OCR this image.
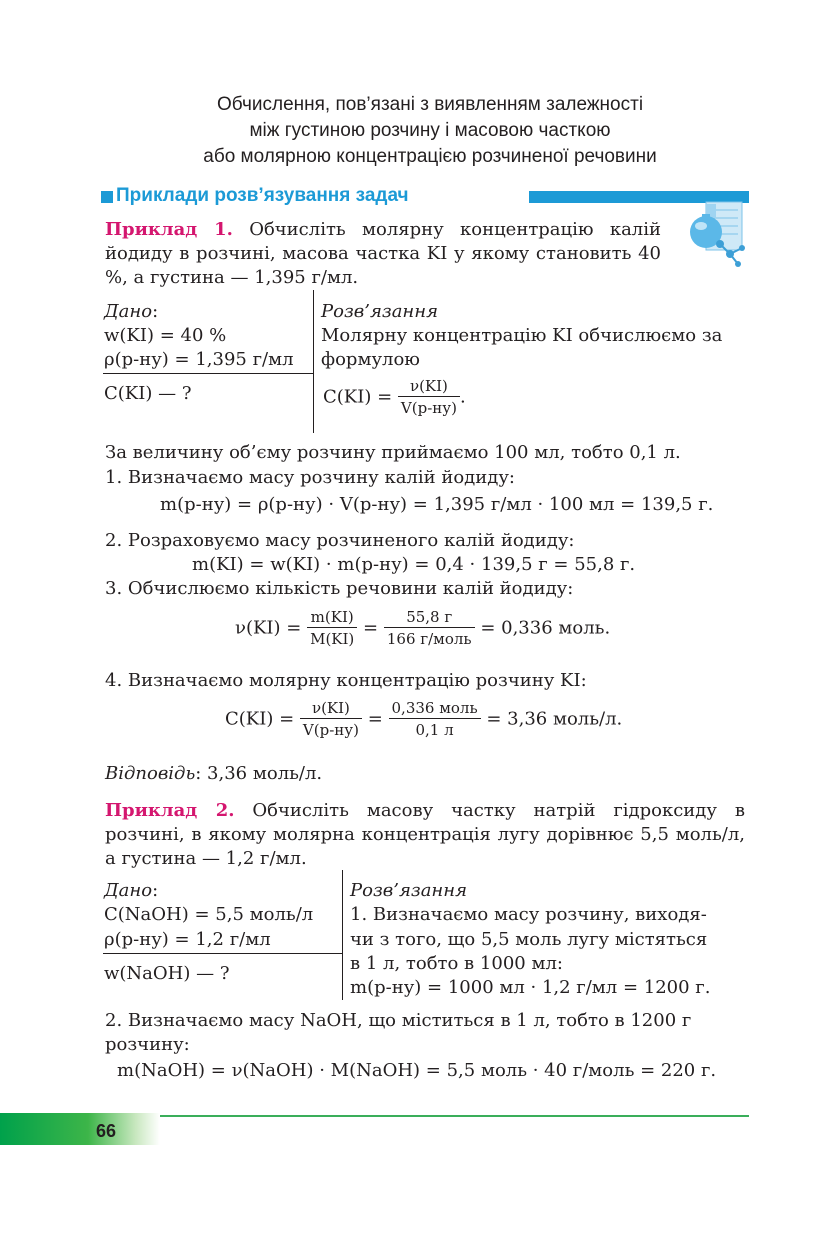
Обчислення, пов’язані з виявленням залежності
між густиною розчину і масовою часткою
або молярною концентрацією розчиненої речовини
Приклади розв’язування задач
Приклад 1. Обчисліть молярну концентрацію калій йодиду в розчині, масова частка KI у якому становить 40 %, а густина — 1,395 г/мл.
Дано:
w(KI) = 40 %
ρ(р-ну) = 1,395 г/мл
C(KI) — ?
Розв’язання
Молярну концентрацію KI обчислюємо за
формулою
$C(KI) = \frac{\nu(KI)}{V(р-ну)}$ .
За величину об’єму розчину приймаємо 100 мл, тобто 0,1 л.
1. Визначаємо масу розчину калій йодиду:
m(р-ну) = ρ(р-ну) · V(р-ну) = 1,395 г/мл · 100 мл = 139,5 г.
2. Розраховуємо масу розчиненого калій йодиду:
m(KI) = w(KI) · m(р-ну) = 0,4 · 139,5 г = 55,8 г.
3. Обчислюємо кількість речовини калій йодиду:
$\nu(KI) = \frac{m(KI)}{M(KI)} = \frac{55,8 г}{\text{166 г/моль}} = 0,336$ моль.
4. Визначаємо молярну концентрацію розчину KI:
$C(KI) = \frac{\nu(KI)}{V(р-ну)} = \frac{\text{0,336 моль}}{0,1 л} = 3,36$ моль/л.
Відповідь: 3,36 моль/л.
Приклад 2. Обчисліть масову частку натрій гідроксиду в розчині, в якому молярна концентрація лугу дорівнює 5,5 моль/л, а густина — 1,2 г/мл.
Дано:
C(NaOH) = 5,5 моль/л
ρ(р-ну) = 1,2 г/мл
w(NaOH) — ?
Розв’язання
1. Визначаємо масу розчину, виходя-
чи з того, що 5,5 моль лугу містяться
в 1 л, тобто в 1000 мл:
m(р-ну) = 1000 мл · 1,2 г/мл = 1200 г.
2. Визначаємо масу NaOH, що міститься в 1 л, тобто в 1200 г
розчину:
m(NaOH) = ν(NaOH) · M(NaOH) = 5,5 моль · 40 г/моль = 220 г.
66
